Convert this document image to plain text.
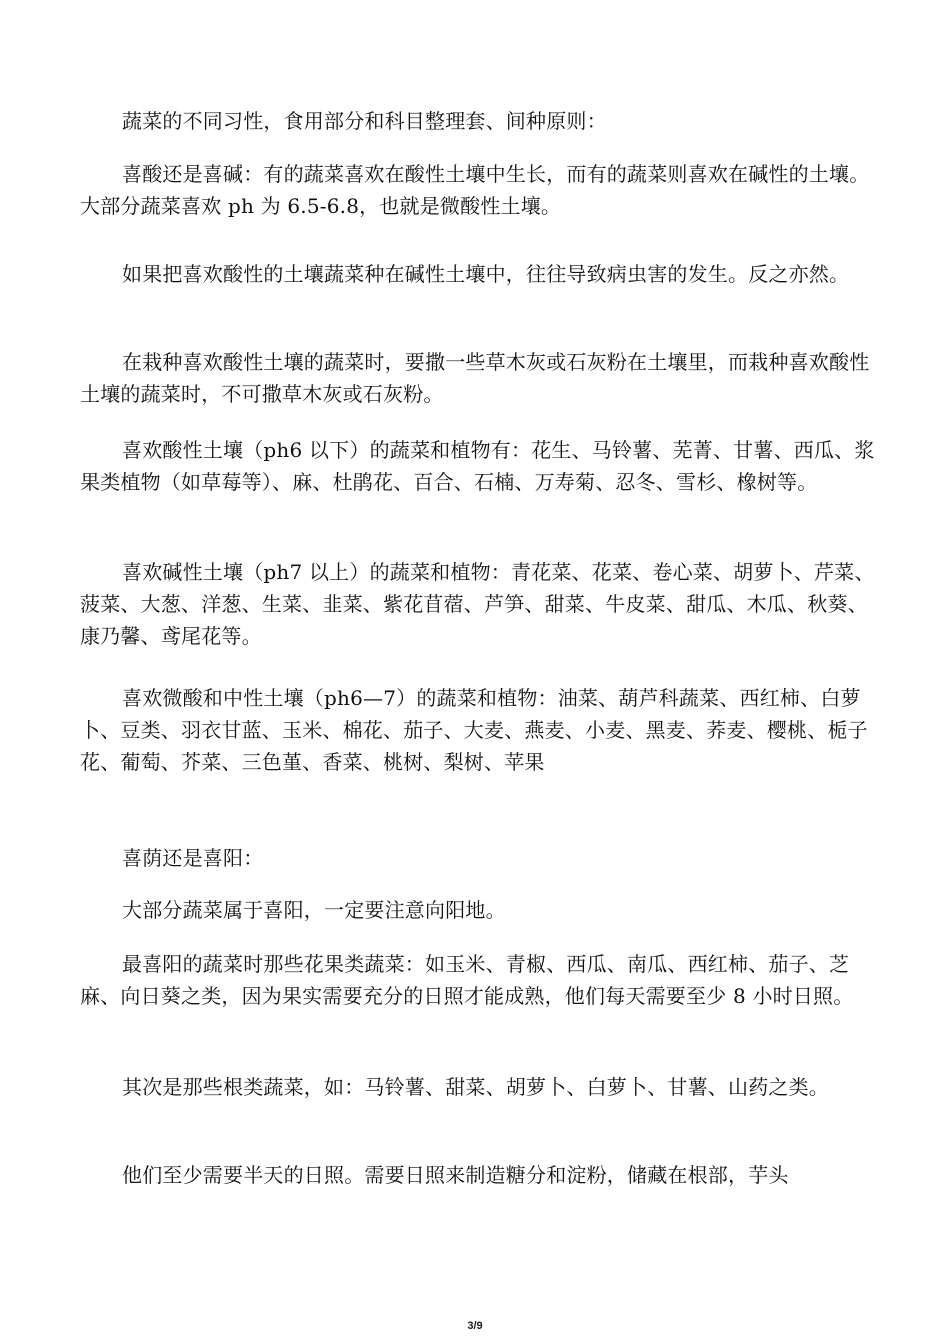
蔬菜的不同习性，食用部分和科目整理套、间种原则：

喜酸还是喜碱：有的蔬菜喜欢在酸性土壤中生长，而有的蔬菜则喜欢在碱性的土壤。大部分蔬菜喜欢 ph 为 6.5-6.8，也就是微酸性土壤。

如果把喜欢酸性的土壤蔬菜种在碱性土壤中，往往导致病虫害的发生。反之亦然。

在栽种喜欢酸性土壤的蔬菜时，要撒一些草木灰或石灰粉在土壤里，而栽种喜欢酸性土壤的蔬菜时，不可撒草木灰或石灰粉。

喜欢酸性土壤（ph6 以下）的蔬菜和植物有：花生、马铃薯、芜菁、甘薯、西瓜、浆果类植物（如草莓等）、麻、杜鹃花、百合、石楠、万寿菊、忍冬、雪杉、橡树等。

喜欢碱性土壤（ph7 以上）的蔬菜和植物：青花菜、花菜、卷心菜、胡萝卜、芹菜、菠菜、大葱、洋葱、生菜、韭菜、紫花苜蓿、芦笋、甜菜、牛皮菜、甜瓜、木瓜、秋葵、康乃馨、鸢尾花等。

喜欢微酸和中性土壤（ph6—7）的蔬菜和植物：油菜、葫芦科蔬菜、西红柿、白萝卜、豆类、羽衣甘蓝、玉米、棉花、茄子、大麦、燕麦、小麦、黑麦、荞麦、樱桃、栀子花、葡萄、芥菜、三色堇、香菜、桃树、梨树、苹果

喜荫还是喜阳：

大部分蔬菜属于喜阳，一定要注意向阳地。

最喜阳的蔬菜时那些花果类蔬菜：如玉米、青椒、西瓜、南瓜、西红柿、茄子、芝麻、向日葵之类，因为果实需要充分的日照才能成熟，他们每天需要至少 8 小时日照。

其次是那些根类蔬菜，如：马铃薯、甜菜、胡萝卜、白萝卜、甘薯、山药之类。

他们至少需要半天的日照。需要日照来制造糖分和淀粉，储藏在根部，芋头

3/9
